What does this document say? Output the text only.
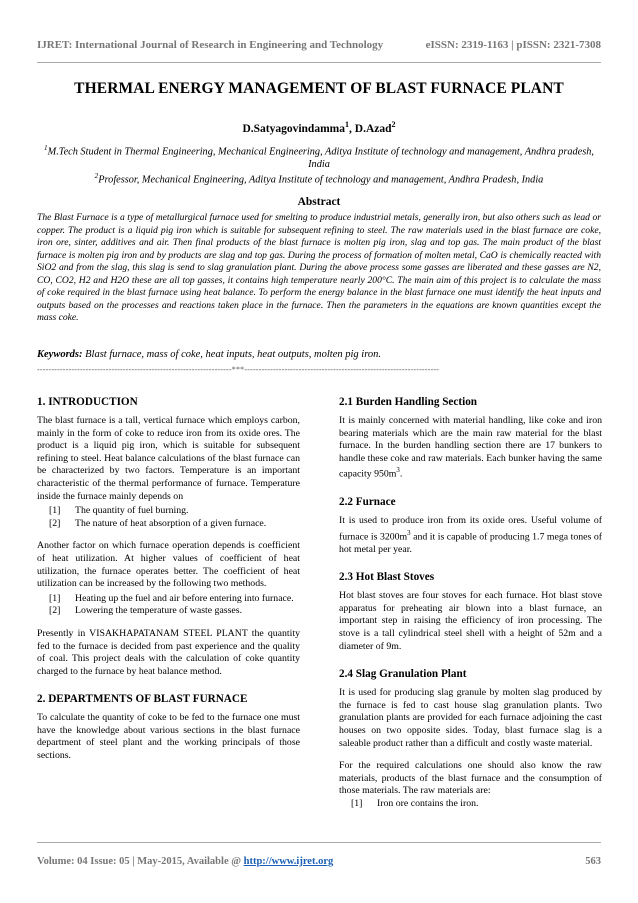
IJRET: International Journal of Research in Engineering and Technology	eISSN: 2319-1163 | pISSN: 2321-7308
THERMAL ENERGY MANAGEMENT OF BLAST FURNACE PLANT
D.Satyagovindamma$^1$, D.Azad$^2$
$^1$M.Tech Student in Thermal Engineering, Mechanical Engineering, Aditya Institute of technology and management, Andhra pradesh, India
$^2$Professor, Mechanical Engineering, Aditya Institute of technology and management, Andhra Pradesh, India
Abstract
The Blast Furnace is a type of metallurgical furnace used for smelting to produce industrial metals, generally iron, but also others such as lead or copper. The product is a liquid pig iron which is suitable for subsequent refining to steel. The raw materials used in the blast furnace are coke, iron ore, sinter, additives and air. Then final products of the blast furnace is molten pig iron, slag and top gas. The main product of the blast furnace is molten pig iron and by products are slag and top gas. During the process of formation of molten metal, CaO is chemically reacted with SiO2 and from the slag, this slag is send to slag granulation plant. During the above process some gasses are liberated and these gasses are N2, CO, CO2, H2 and H2O these are all top gasses, it contains high temperature nearly 200°C. The main aim of this project is to calculate the mass of coke required in the blast furnace using heat balance. To perform the energy balance in the blast furnace one must identify the heat inputs and outputs based on the processes and reactions taken place in the furnace. Then the parameters in the equations are known quantities except the mass coke.
Keywords: Blast furnace, mass of coke, heat inputs, heat outputs, molten pig iron.
--------------------------------------------------------------------***--------------------------------------------------------------------
1. INTRODUCTION

The blast furnace is a tall, vertical furnace which employs carbon, mainly in the form of coke to reduce iron from its oxide ores. The product is a liquid pig iron, which is suitable for subsequent refining to steel. Heat balance calculations of the blast furnace can be characterized by two factors. Temperature is an important characteristic of the thermal performance of furnace. Temperature inside the furnace mainly depends on

[1] The quantity of fuel burning.
[2] The nature of heat absorption of a given furnace.

Another factor on which furnace operation depends is coefficient of heat utilization. At higher values of coefficient of heat utilization, the furnace operates better. The coefficient of heat utilization can be increased by the following two methods.

[1] Heating up the fuel and air before entering into furnace.
[2] Lowering the temperature of waste gasses.

Presently in VISAKHAPATANAM STEEL PLANT the quantity fed to the furnace is decided from past experience and the quality of coal. This project deals with the calculation of coke quantity charged to the furnace by heat balance method.

2. DEPARTMENTS OF BLAST FURNACE

To calculate the quantity of coke to be fed to the furnace one must have the knowledge about various sections in the blast furnace department of steel plant and the working principals of those sections.

2.1 Burden Handling Section

It is mainly concerned with material handling, like coke and iron bearing materials which are the main raw material for the blast furnace. In the burden handling section there are 17 bunkers to handle these coke and raw materials. Each bunker having the same capacity $950m^3$.

2.2 Furnace

It is used to produce iron from its oxide ores. Useful volume of furnace is $3200m^3$ and it is capable of producing 1.7 mega tones of hot metal per year.

2.3 Hot Blast Stoves

Hot blast stoves are four stoves for each furnace. Hot blast stove apparatus for preheating air blown into a blast furnace, an important step in raising the efficiency of iron processing. The stove is a tall cylindrical steel shell with a height of 52m and a diameter of 9m.

2.4 Slag Granulation Plant

It is used for producing slag granule by molten slag produced by the furnace is fed to cast house slag granulation plants. Two granulation plants are provided for each furnace adjoining the cast houses on two opposite sides. Today, blast furnace slag is a saleable product rather than a difficult and costly waste material.

For the required calculations one should also know the raw materials, products of the blast furnace and the consumption of those materials. The raw materials are:

[1] Iron ore contains the iron.
Volume: 04 Issue: 05 | May-2015, Available @ http://www.ijret.org	563
